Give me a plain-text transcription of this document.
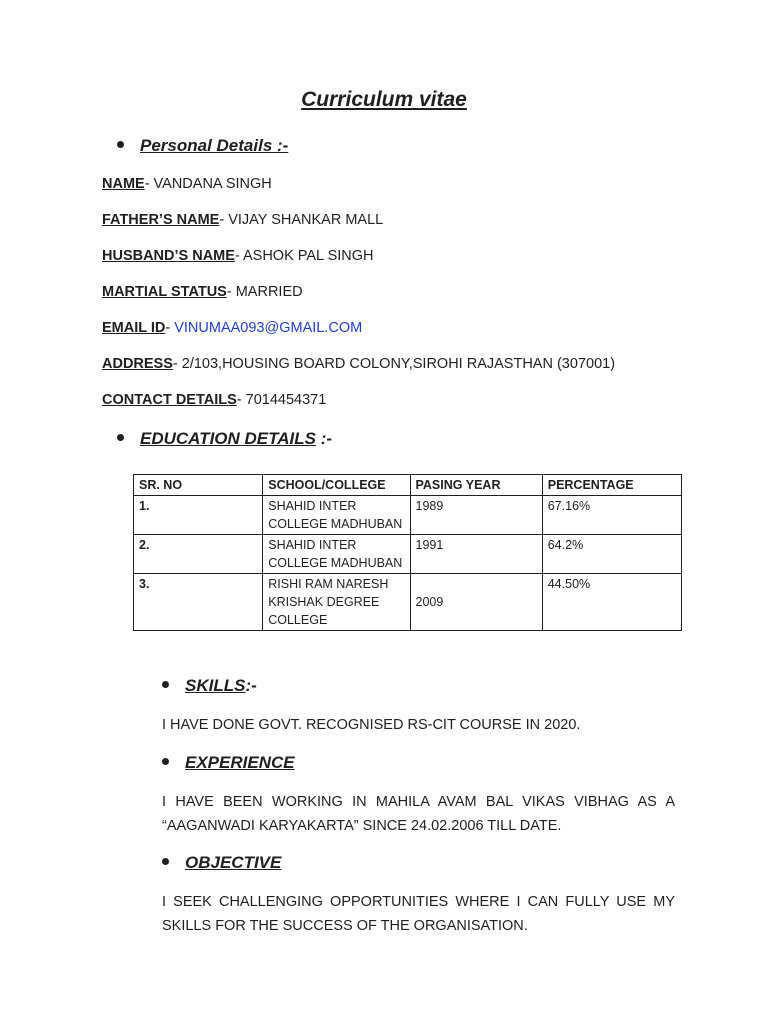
Curriculum vitae
Personal Details :-
NAME- VANDANA SINGH
FATHER’S NAME- VIJAY SHANKAR MALL
HUSBAND’S NAME- ASHOK PAL SINGH
MARTIAL STATUS- MARRIED
EMAIL ID- VINUMAA093@GMAIL.COM
ADDRESS- 2/103,HOUSING BOARD COLONY,SIROHI RAJASTHAN (307001)
CONTACT DETAILS- 7014454371
EDUCATION DETAILS :-
SR. NO	SCHOOL/COLLEGE	PASING YEAR	PERCENTAGE
1.	SHAHID INTER COLLEGE MADHUBAN	1989	67.16%
2.	SHAHID INTER COLLEGE MADHUBAN	1991	64.2%
3.	RISHI RAM NARESH KRISHAK DEGREE COLLEGE	2009	44.50%
SKILLS:-
I HAVE DONE GOVT. RECOGNISED RS-CIT COURSE IN 2020.
EXPERIENCE
I HAVE BEEN WORKING IN MAHILA AVAM BAL VIKAS VIBHAG AS A “AAGANWADI KARYAKARTA” SINCE 24.02.2006 TILL DATE.
OBJECTIVE
I SEEK CHALLENGING OPPORTUNITIES WHERE I CAN FULLY USE MY SKILLS FOR THE SUCCESS OF THE ORGANISATION.
